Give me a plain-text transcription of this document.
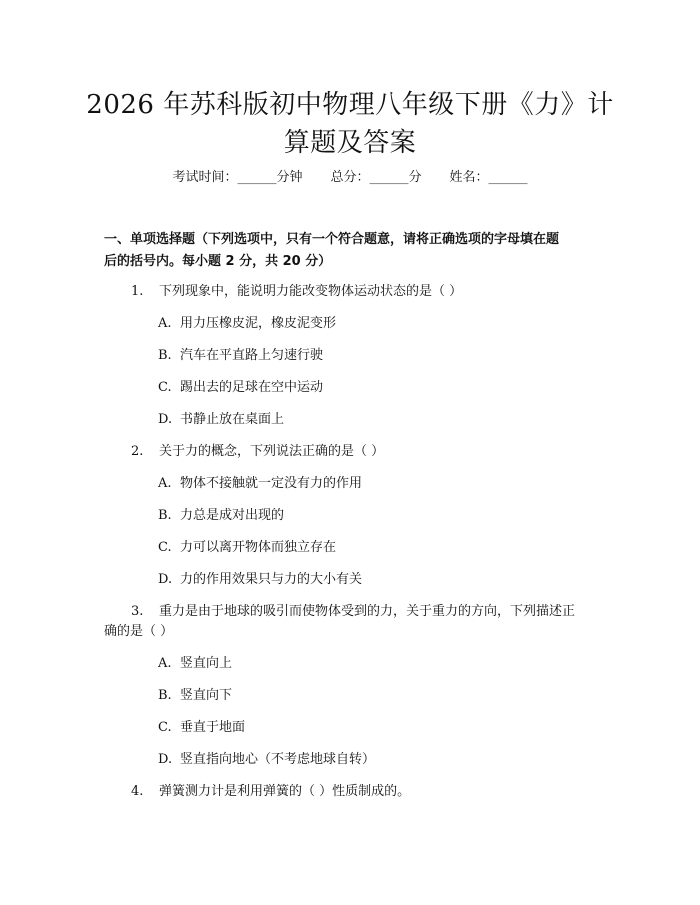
2026 年苏科版初中物理八年级下册《力》计
算题及答案
考试时间：______分钟 总分：______分 姓名：______
一、单项选择题（下列选项中，只有一个符合题意，请将正确选项的字母填在题
后的括号内。每小题 2 分，共 20 分）
1. 下列现象中，能说明力能改变物体运动状态的是（ ）
A. 用力压橡皮泥，橡皮泥变形
B. 汽车在平直路上匀速行驶
C. 踢出去的足球在空中运动
D. 书静止放在桌面上
2. 关于力的概念，下列说法正确的是（ ）
A. 物体不接触就一定没有力的作用
B. 力总是成对出现的
C. 力可以离开物体而独立存在
D. 力的作用效果只与力的大小有关
3. 重力是由于地球的吸引而使物体受到的力，关于重力的方向，下列描述正
确的是（ ）
A. 竖直向上
B. 竖直向下
C. 垂直于地面
D. 竖直指向地心（不考虑地球自转）
4. 弹簧测力计是利用弹簧的（ ）性质制成的。
